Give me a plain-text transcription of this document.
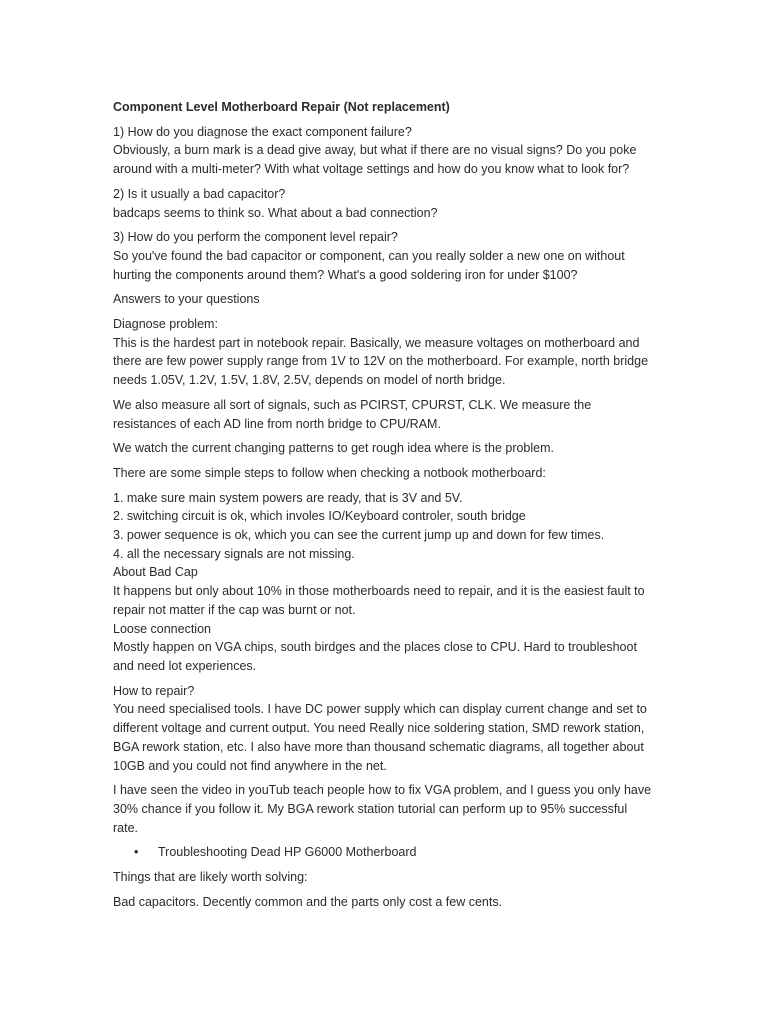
Component Level Motherboard Repair (Not replacement)

1) How do you diagnose the exact component failure?
Obviously, a burn mark is a dead give away, but what if there are no visual signs? Do you poke
around with a multi-meter? With what voltage settings and how do you know what to look for?

2) Is it usually a bad capacitor?
badcaps seems to think so. What about a bad connection?

3) How do you perform the component level repair?
So you've found the bad capacitor or component, can you really solder a new one on without
hurting the components around them? What's a good soldering iron for under $100?

Answers to your questions

Diagnose problem:
This is the hardest part in notebook repair. Basically, we measure voltages on motherboard and
there are few power supply range from 1V to 12V on the motherboard. For example, north bridge
needs 1.05V, 1.2V, 1.5V, 1.8V, 2.5V, depends on model of north bridge.

We also measure all sort of signals, such as PCIRST, CPURST, CLK. We measure the
resistances of each AD line from north bridge to CPU/RAM.

We watch the current changing patterns to get rough idea where is the problem.

There are some simple steps to follow when checking a notbook motherboard:

1. make sure main system powers are ready, that is 3V and 5V.
2. switching circuit is ok, which involes IO/Keyboard controler, south bridge
3. power sequence is ok, which you can see the current jump up and down for few times.
4. all the necessary signals are not missing.
About Bad Cap
It happens but only about 10% in those motherboards need to repair, and it is the easiest fault to
repair not matter if the cap was burnt or not.
Loose connection
Mostly happen on VGA chips, south birdges and the places close to CPU. Hard to troubleshoot
and need lot experiences.

How to repair?
You need specialised tools. I have DC power supply which can display current change and set to
different voltage and current output. You need Really nice soldering station, SMD rework station,
BGA rework station, etc. I also have more than thousand schematic diagrams, all together about
10GB and you could not find anywhere in the net.

I have seen the video in youTub teach people how to fix VGA problem, and I guess you only have
30% chance if you follow it. My BGA rework station tutorial can perform up to 95% successful
rate.

• Troubleshooting Dead HP G6000 Motherboard

Things that are likely worth solving:

Bad capacitors. Decently common and the parts only cost a few cents.
